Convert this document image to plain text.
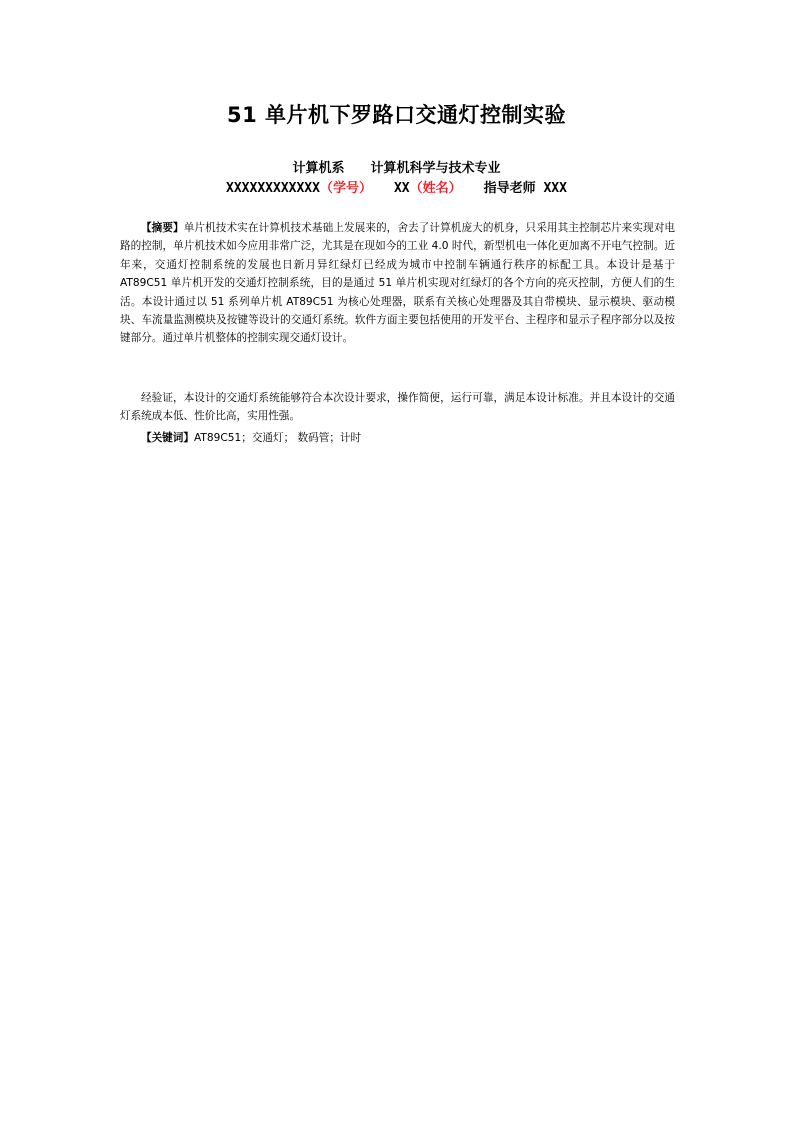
51 单片机下罗路口交通灯控制实验
计算机系 计算机科学与技术专业
XXXXXXXXXXXX（学号） XX（姓名） 指导老师 XXX
【摘要】单片机技术实在计算机技术基础上发展来的，舍去了计算机庞大的机身，只采用其主控制芯片来实现对电路的控制，单片机技术如今应用非常广泛，尤其是在现如今的工业 4.0 时代，新型机电一体化更加离不开电气控制。近年来，交通灯控制系统的发展也日新月异红绿灯已经成为城市中控制车辆通行秩序的标配工具。本设计是基于 AT89C51 单片机开发的交通灯控制系统，目的是通过 51 单片机实现对红绿灯的各个方向的亮灭控制，方便人们的生活。本设计通过以 51 系列单片机 AT89C51 为核心处理器，联系有关核心处理器及其自带模块、显示模块、驱动模块、车流量监测模块及按键等设计的交通灯系统。软件方面主要包括使用的开发平台、主程序和显示子程序部分以及按键部分。通过单片机整体的控制实现交通灯设计。
经验证，本设计的交通灯系统能够符合本次设计要求，操作简便，运行可靠，满足本设计标准。并且本设计的交通灯系统成本低、性价比高，实用性强。
【关键词】AT89C51；交通灯； 数码管；计时
